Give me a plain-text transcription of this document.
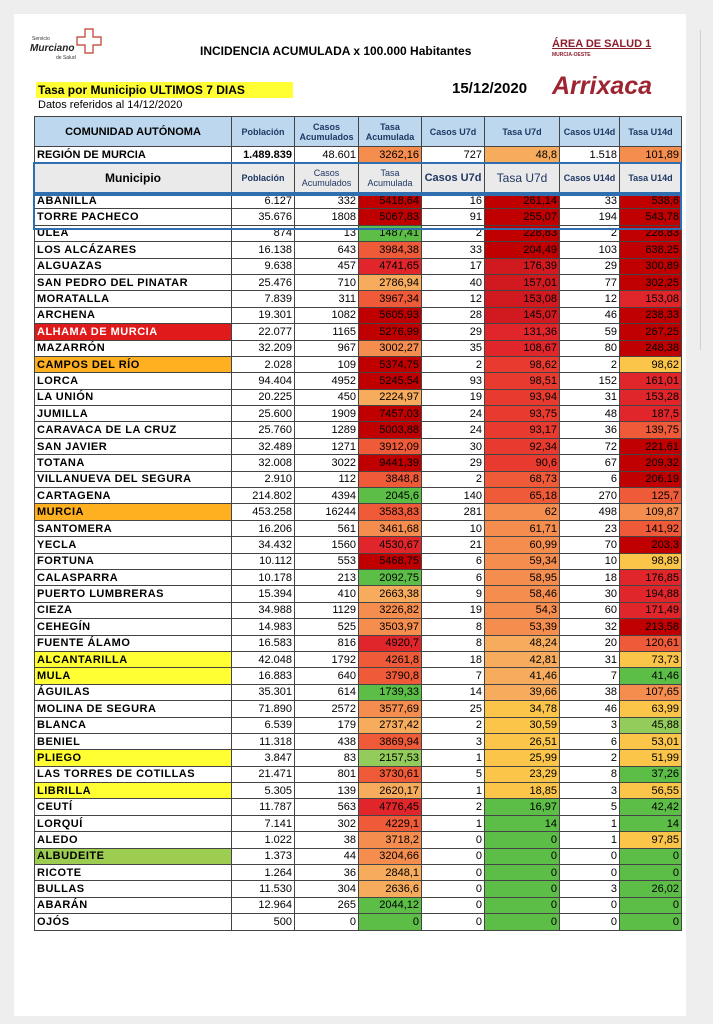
Servicio
Murciano
de Salud	INCIDENCIA ACUMULADA x 100.000 Habitantes	ÁREA DE SALUD 1
MURCIA-OESTE
Arrixaca
Tasa por Municipio ULTIMOS 7 DIAS	15/12/2020
Datos referidos al 14/12/2020
COMUNIDAD AUTÓNOMA	Población	Casos Acumulados	Tasa Acumulada	Casos U7d	Tasa U7d	Casos U14d	Tasa U14d
REGIÓN DE MURCIA	1.489.839	48.601	3262,16	727	48,8	1.518	101,89
Municipio	Población	Casos Acumulados	Tasa Acumulada	Casos U7d	Tasa U7d	Casos U14d	Tasa U14d
ABANILLA	6.127	332	5418,64	16	261,14	33	538,6
TORRE PACHECO	35.676	1808	5067,83	91	255,07	194	543,78
ULEA	874	13	1487,41	2	228,83	2	228,83
LOS ALCÁZARES	16.138	643	3984,38	33	204,49	103	638,25
ALGUAZAS	9.638	457	4741,65	17	176,39	29	300,89
SAN PEDRO DEL PINATAR	25.476	710	2786,94	40	157,01	77	302,25
MORATALLA	7.839	311	3967,34	12	153,08	12	153,08
ARCHENA	19.301	1082	5605,93	28	145,07	46	238,33
ALHAMA DE MURCIA	22.077	1165	5276,99	29	131,36	59	267,25
MAZARRÓN	32.209	967	3002,27	35	108,67	80	248,38
CAMPOS DEL RÍO	2.028	109	5374,75	2	98,62	2	98,62
LORCA	94.404	4952	5245,54	93	98,51	152	161,01
LA UNIÓN	20.225	450	2224,97	19	93,94	31	153,28
JUMILLA	25.600	1909	7457,03	24	93,75	48	187,5
CARAVACA DE LA CRUZ	25.760	1289	5003,88	24	93,17	36	139,75
SAN JAVIER	32.489	1271	3912,09	30	92,34	72	221,61
TOTANA	32.008	3022	9441,39	29	90,6	67	209,32
VILLANUEVA DEL SEGURA	2.910	112	3848,8	2	68,73	6	206,19
CARTAGENA	214.802	4394	2045,6	140	65,18	270	125,7
MURCIA	453.258	16244	3583,83	281	62	498	109,87
SANTOMERA	16.206	561	3461,68	10	61,71	23	141,92
YECLA	34.432	1560	4530,67	21	60,99	70	203,3
FORTUNA	10.112	553	5468,75	6	59,34	10	98,89
CALASPARRA	10.178	213	2092,75	6	58,95	18	176,85
PUERTO LUMBRERAS	15.394	410	2663,38	9	58,46	30	194,88
CIEZA	34.988	1129	3226,82	19	54,3	60	171,49
CEHEGÍN	14.983	525	3503,97	8	53,39	32	213,58
FUENTE ÁLAMO	16.583	816	4920,7	8	48,24	20	120,61
ALCANTARILLA	42.048	1792	4261,8	18	42,81	31	73,73
MULA	16.883	640	3790,8	7	41,46	7	41,46
ÁGUILAS	35.301	614	1739,33	14	39,66	38	107,65
MOLINA DE SEGURA	71.890	2572	3577,69	25	34,78	46	63,99
BLANCA	6.539	179	2737,42	2	30,59	3	45,88
BENIEL	11.318	438	3869,94	3	26,51	6	53,01
PLIEGO	3.847	83	2157,53	1	25,99	2	51,99
LAS TORRES DE COTILLAS	21.471	801	3730,61	5	23,29	8	37,26
LIBRILLA	5.305	139	2620,17	1	18,85	3	56,55
CEUTÍ	11.787	563	4776,45	2	16,97	5	42,42
LORQUÍ	7.141	302	4229,1	1	14	1	14
ALEDO	1.022	38	3718,2	0	0	1	97,85
ALBUDEITE	1.373	44	3204,66	0	0	0	0
RICOTE	1.264	36	2848,1	0	0	0	0
BULLAS	11.530	304	2636,6	0	0	3	26,02
ABARÁN	12.964	265	2044,12	0	0	0	0
OJÓS	500	0	0	0	0	0	0
